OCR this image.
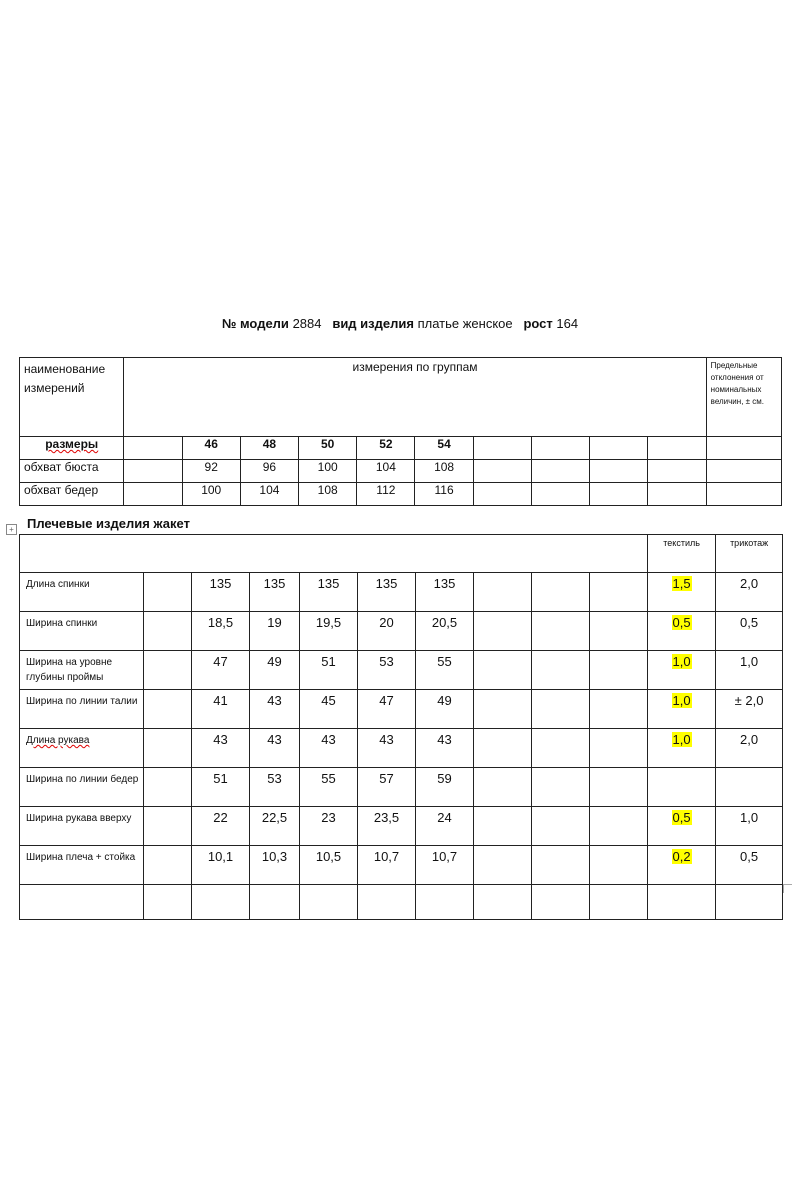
№ модели 2884 вид изделия платье женское рост 164
наименование измерений	измерения по группам										Предельные отклонения от номинальных величин, ± см.
размеры		46	48	50	52	54					
обхват бюста		92	96	100	104	108					
обхват бедер		100	104	108	112	116					
+ Плечевые изделия жакет
										текстиль	трикотаж
Длина спинки		135	135	135	135	135				1,5	2,0
Ширина спинки		18,5	19	19,5	20	20,5				0,5	0,5
Ширина на уровне глубины проймы		47	49	51	53	55				1,0	1,0
Ширина по линии талии		41	43	45	47	49				1,0	± 2,0
Длина рукава		43	43	43	43	43				1,0	2,0
Ширина по линии бедер		51	53	55	57	59					
Ширина рукава вверху		22	22,5	23	23,5	24				0,5	1,0
Ширина плеча + стойка		10,1	10,3	10,5	10,7	10,7				0,2	0,5
